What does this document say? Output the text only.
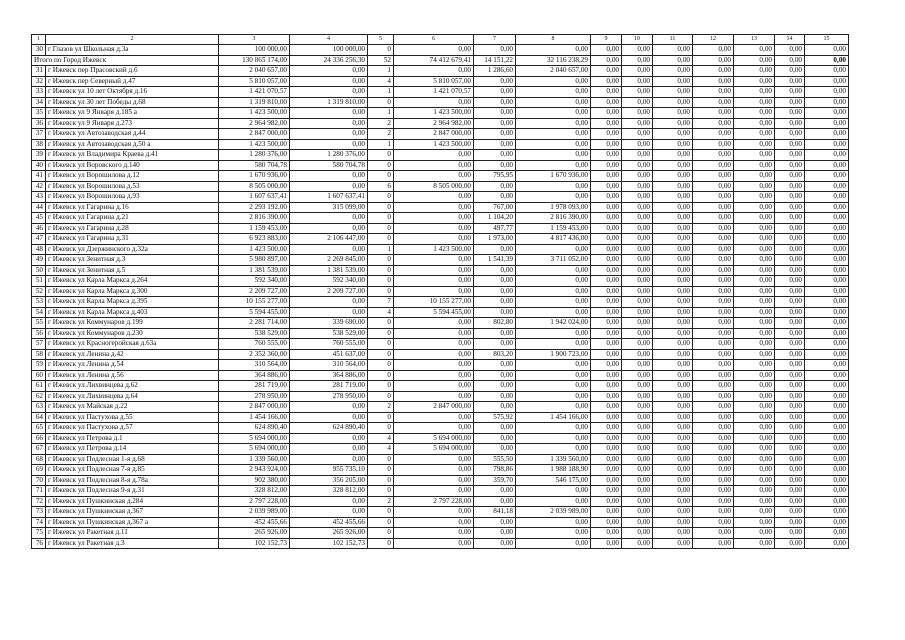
1	2	3	4	5	6	7	8	9	10	11	12	13	14	15
30	г Глазов ул Школьная д.3а	100 000,00	100 000,00	0	0,00	0,00	0,00	0,00	0,00	0,00	0,00	0,00	0,00	0,00
Итого по Город Ижевск		130 865 174,00	24 336 256,30	52	74 412 679,41	14 151,22	32 116 238,29	0,00	0,00	0,00	0,00	0,00	0,00	0,00
31	г Ижевск пер Прасовский д.6	2 040 657,00	0,00	1	0,00	1 286,60	2 040 657,00	0,00	0,00	0,00	0,00	0,00	0,00	0,00
32	г Ижевск пер Северный д.47	5 810 057,00	0,00	4	5 810 057,00	0,00	0,00	0,00	0,00	0,00	0,00	0,00	0,00	0,00
33	г Ижевск ул 10 лет Октября д.16	1 421 070,57	0,00	1	1 421 070,57	0,00	0,00	0,00	0,00	0,00	0,00	0,00	0,00	0,00
34	г Ижевск ул 30 лет Победы д.68	1 319 810,00	1 319 810,00	0	0,00	0,00	0,00	0,00	0,00	0,00	0,00	0,00	0,00	0,00
35	г Ижевск ул 9 Января д.185 а	1 423 500,00	0,00	1	1 423 500,00	0,00	0,00	0,00	0,00	0,00	0,00	0,00	0,00	0,00
36	г Ижевск ул 9 Января д.273	2 964 982,00	0,00	2	2 964 982,00	0,00	0,00	0,00	0,00	0,00	0,00	0,00	0,00	0,00
37	г Ижевск ул Автозаводская д.44	2 847 000,00	0,00	2	2 847 000,00	0,00	0,00	0,00	0,00	0,00	0,00	0,00	0,00	0,00
38	г Ижевск ул Автозаводская д.50 а	1 423 500,00	0,00	1	1 423 500,00	0,00	0,00	0,00	0,00	0,00	0,00	0,00	0,00	0,00
39	г Ижевск ул Владимира Краева д.41	1 280 376,00	1 280 376,00	0	0,00	0,00	0,00	0,00	0,00	0,00	0,00	0,00	0,00	0,00
40	г Ижевск ул Воровского д.140	580 704,78	580 704,78	0	0,00	0,00	0,00	0,00	0,00	0,00	0,00	0,00	0,00	0,00
41	г Ижевск ул Ворошилова д.12	1 670 936,00	0,00	0	0,00	795,95	1 670 936,00	0,00	0,00	0,00	0,00	0,00	0,00	0,00
42	г Ижевск ул Ворошилова д.53	8 505 000,00	0,00	6	8 505 000,00	0,00	0,00	0,00	0,00	0,00	0,00	0,00	0,00	0,00
43	г Ижевск ул Ворошилова д.93	1 607 637,41	1 607 637,41	0	0,00	0,00	0,00	0,00	0,00	0,00	0,00	0,00	0,00	0,00
44	г Ижевск ул Гагарина д.16	2 293 192,00	315 099,00	0	0,00	767,00	1 978 093,00	0,00	0,00	0,00	0,00	0,00	0,00	0,00
45	г Ижевск ул Гагарина д.21	2 816 390,00	0,00	0	0,00	1 104,20	2 816 390,00	0,00	0,00	0,00	0,00	0,00	0,00	0,00
46	г Ижевск ул Гагарина д.28	1 159 453,00	0,00	0	0,00	497,77	1 159 453,00	0,00	0,00	0,00	0,00	0,00	0,00	0,00
47	г Ижевск ул Гагарина д.31	6 923 883,00	2 106 447,00	0	0,00	1 973,00	4 817 436,00	0,00	0,00	0,00	0,00	0,00	0,00	0,00
48	г Ижевск ул Дзержинского д.32а	1 423 500,00	0,00	1	1 423 500,00	0,00	0,00	0,00	0,00	0,00	0,00	0,00	0,00	0,00
49	г Ижевск ул Зенитная д.3	5 980 897,00	2 269 845,00	0	0,00	1 541,39	3 711 052,00	0,00	0,00	0,00	0,00	0,00	0,00	0,00
50	г Ижевск ул Зенитная д.5	1 381 539,00	1 381 539,00	0	0,00	0,00	0,00	0,00	0,00	0,00	0,00	0,00	0,00	0,00
51	г Ижевск ул Карла Маркса д.264	592 340,00	592 340,00	0	0,00	0,00	0,00	0,00	0,00	0,00	0,00	0,00	0,00	0,00
52	г Ижевск ул Карла Маркса д.300	2 209 727,00	2 209 727,00	0	0,00	0,00	0,00	0,00	0,00	0,00	0,00	0,00	0,00	0,00
53	г Ижевск ул Карла Маркса д.395	10 155 277,00	0,00	7	10 155 277,00	0,00	0,00	0,00	0,00	0,00	0,00	0,00	0,00	0,00
54	г Ижевск ул Карла Маркса д.403	5 594 455,00	0,00	4	5 594 455,00	0,00	0,00	0,00	0,00	0,00	0,00	0,00	0,00	0,00
55	г Ижевск ул Коммунаров д.199	2 281 714,00	339 690,00	0	0,00	802,80	1 942 024,00	0,00	0,00	0,00	0,00	0,00	0,00	0,00
56	г Ижевск ул Коммунаров д.230	538 529,00	538 529,00	0	0,00	0,00	0,00	0,00	0,00	0,00	0,00	0,00	0,00	0,00
57	г Ижевск ул Красногеройская д.63а	760 555,00	760 555,00	0	0,00	0,00	0,00	0,00	0,00	0,00	0,00	0,00	0,00	0,00
58	г Ижевск ул Ленина д.42	2 352 360,00	451 637,00	0	0,00	803,20	1 900 723,00	0,00	0,00	0,00	0,00	0,00	0,00	0,00
59	г Ижевск ул Ленина д.54	310 564,00	310 564,00	0	0,00	0,00	0,00	0,00	0,00	0,00	0,00	0,00	0,00	0,00
60	г Ижевск ул Ленина д.56	364 886,00	364 886,00	0	0,00	0,00	0,00	0,00	0,00	0,00	0,00	0,00	0,00	0,00
61	г Ижевск ул Лихвинцева д.62	281 719,00	281 719,00	0	0,00	0,00	0,00	0,00	0,00	0,00	0,00	0,00	0,00	0,00
62	г Ижевск ул Лихвинцева д.64	278 950,00	278 950,00	0	0,00	0,00	0,00	0,00	0,00	0,00	0,00	0,00	0,00	0,00
63	г Ижевск ул Майская д.22	2 847 000,00	0,00	2	2 847 000,00	0,00	0,00	0,00	0,00	0,00	0,00	0,00	0,00	0,00
64	г Ижевск ул Пастухова д.55	1 454 166,00	0,00	0	0,00	575,92	1 454 166,00	0,00	0,00	0,00	0,00	0,00	0,00	0,00
65	г Ижевск ул Пастухова д.57	624 890,40	624 890,40	0	0,00	0,00	0,00	0,00	0,00	0,00	0,00	0,00	0,00	0,00
66	г Ижевск ул Петрова д.1	5 694 000,00	0,00	4	5 694 000,00	0,00	0,00	0,00	0,00	0,00	0,00	0,00	0,00	0,00
67	г Ижевск ул Петрова д.14	5 694 000,00	0,00	4	5 694 000,00	0,00	0,00	0,00	0,00	0,00	0,00	0,00	0,00	0,00
68	г Ижевск ул Подлесная 1-я д.68	1 339 560,00	0,00	0	0,00	555,50	1 339 560,00	0,00	0,00	0,00	0,00	0,00	0,00	0,00
69	г Ижевск ул Подлесная 7-я д.85	2 943 924,00	955 735,10	0	0,00	798,86	1 988 188,90	0,00	0,00	0,00	0,00	0,00	0,00	0,00
70	г Ижевск ул Подлесная 8-я д.78а	902 380,00	356 205,00	0	0,00	359,70	546 175,00	0,00	0,00	0,00	0,00	0,00	0,00	0,00
71	г Ижевск ул Подлесная 9-я д.31	328 812,00	328 812,00	0	0,00	0,00	0,00	0,00	0,00	0,00	0,00	0,00	0,00	0,00
72	г Ижевск ул Пушкинская д.284	2 797 228,00	0,00	2	2 797 228,00	0,00	0,00	0,00	0,00	0,00	0,00	0,00	0,00	0,00
73	г Ижевск ул Пушкинская д.367	2 039 989,00	0,00	0	0,00	841,18	2 039 989,00	0,00	0,00	0,00	0,00	0,00	0,00	0,00
74	г Ижевск ул Пушкинская д.367 а	452 455,66	452 455,66	0	0,00	0,00	0,00	0,00	0,00	0,00	0,00	0,00	0,00	0,00
75	г Ижевск ул Ракетная д.11	265 926,00	265 926,00	0	0,00	0,00	0,00	0,00	0,00	0,00	0,00	0,00	0,00	0,00
76	г Ижевск ул Ракетная д.3	102 152,73	102 152,73	0	0,00	0,00	0,00	0,00	0,00	0,00	0,00	0,00	0,00	0,00
